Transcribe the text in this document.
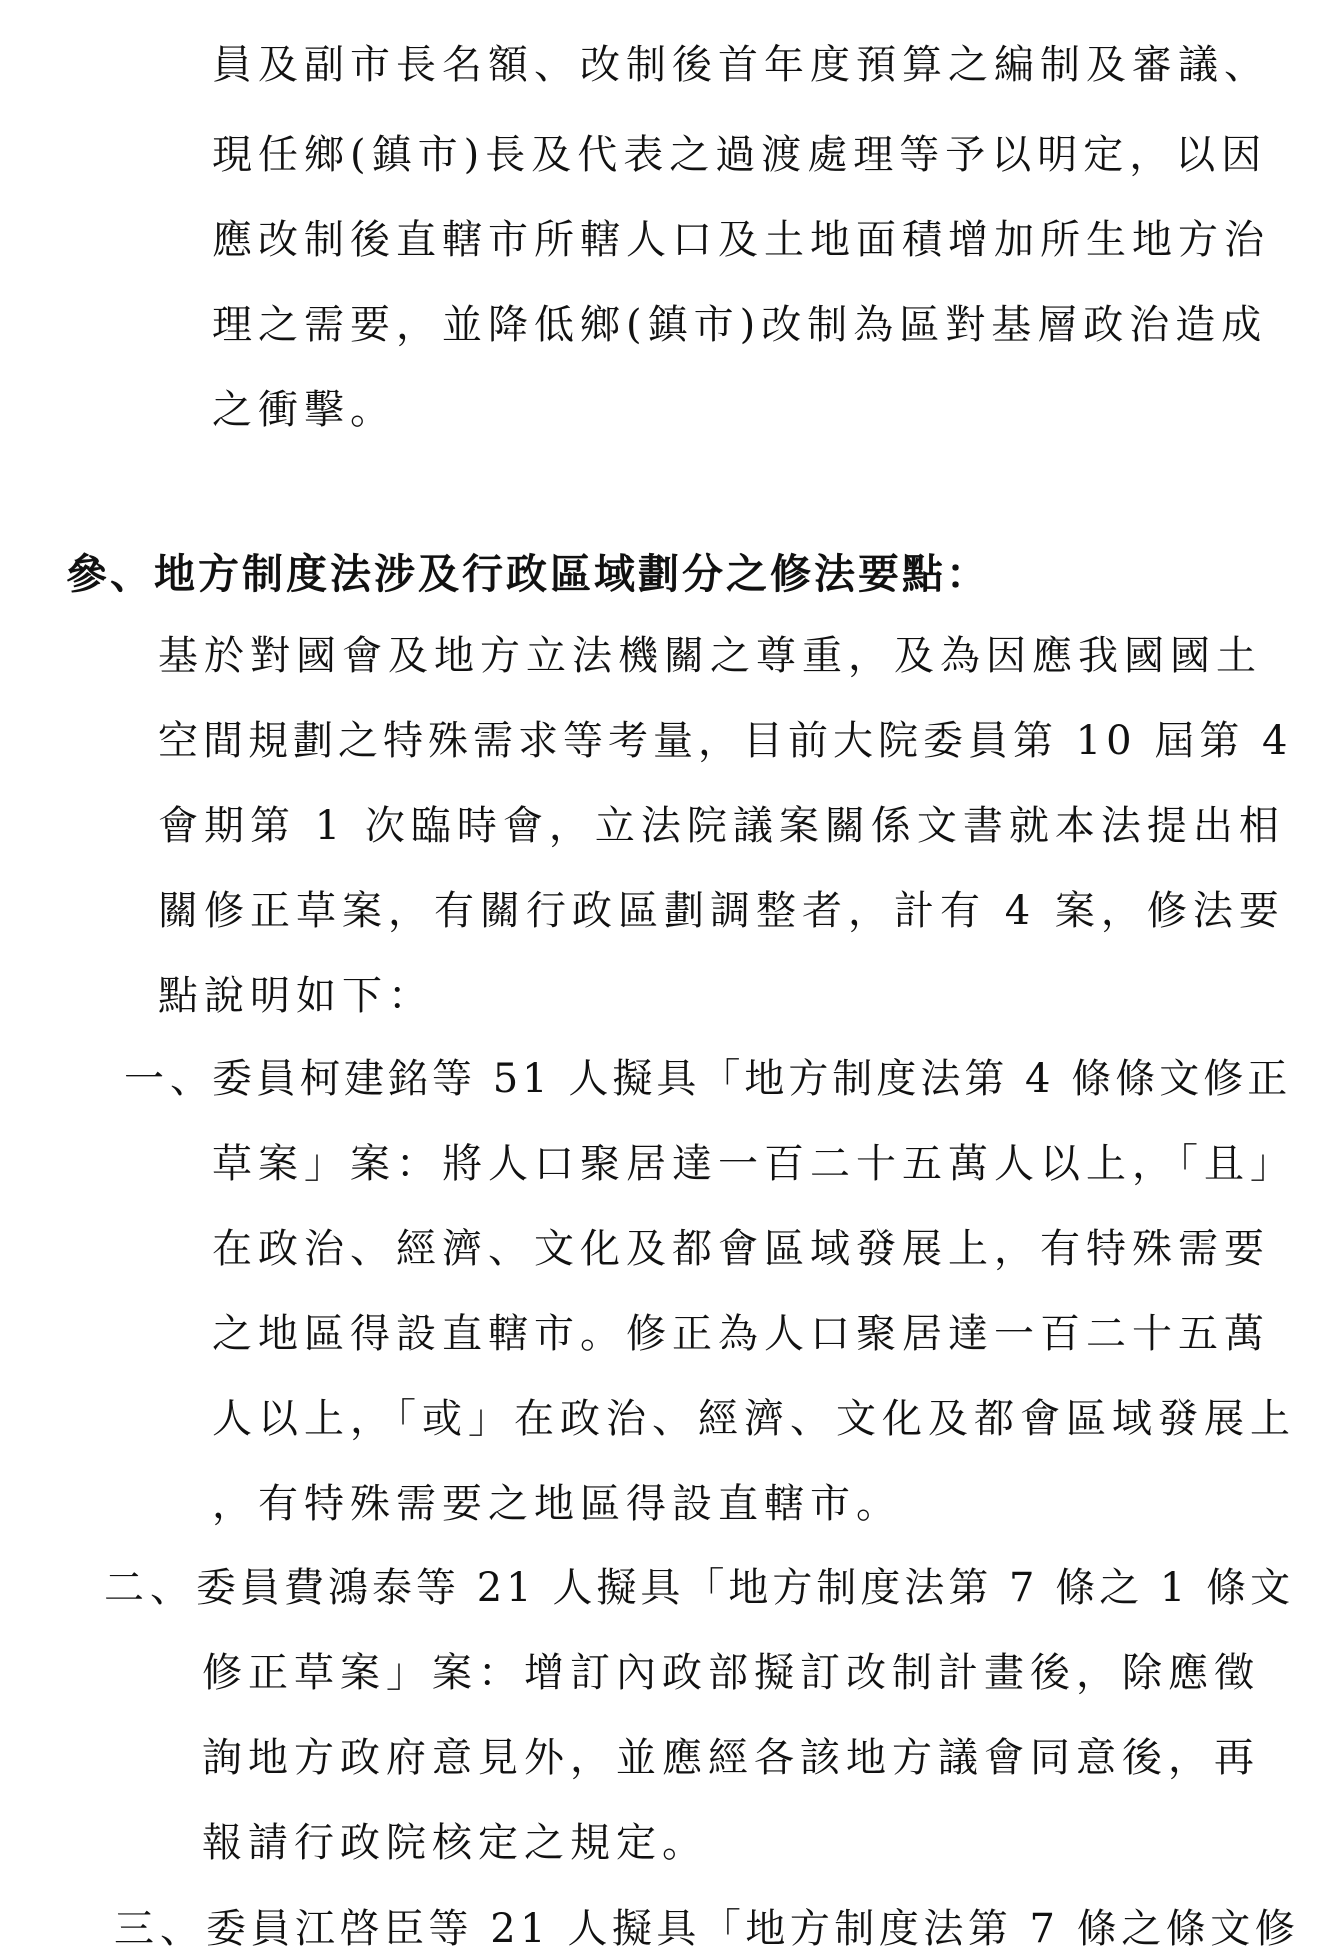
員及副市長名額、改制後首年度預算之編制及審議、
現任鄉(鎮市)長及代表之過渡處理等予以明定，以因
應改制後直轄市所轄人口及土地面積增加所生地方治
理之需要，並降低鄉(鎮市)改制為區對基層政治造成
之衝擊。
參、地方制度法涉及行政區域劃分之修法要點：
基於對國會及地方立法機關之尊重，及為因應我國國土
空間規劃之特殊需求等考量，目前大院委員第 10 屆第 4
會期第 1 次臨時會，立法院議案關係文書就本法提出相
關修正草案，有關行政區劃調整者，計有 4 案，修法要
點說明如下：
一、
委員柯建銘等 51 人擬具「地方制度法第 4 條條文修正
草案」案：將人口聚居達一百二十五萬人以上，「且」
在政治、經濟、文化及都會區域發展上，有特殊需要
之地區得設直轄市。修正為人口聚居達一百二十五萬
人以上，「或」在政治、經濟、文化及都會區域發展上
，有特殊需要之地區得設直轄市。
二、 委員費鴻泰等 21 人擬具「地方制度法第 7 條之 1 條文
修正草案」案：增訂內政部擬訂改制計畫後，除應徵
詢地方政府意見外，並應經各該地方議會同意後，再
報請行政院核定之規定。
三、 委員江啓臣等 21 人擬具「地方制度法第 7 條之條文修
